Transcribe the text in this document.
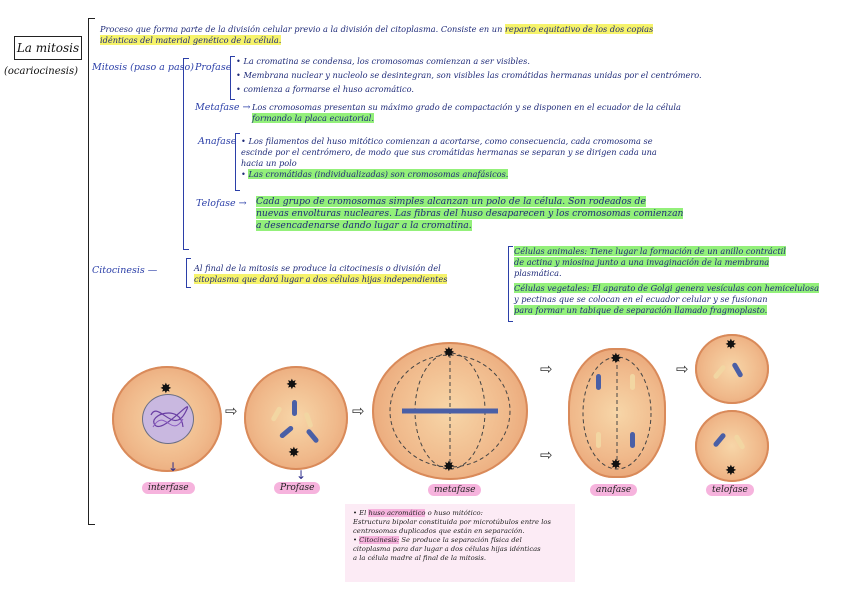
La mitosis
(ocariocinesis)
Proceso que forma parte de la división celular previo a la división del citoplasma. Consiste en un reparto equitativo de los dos copias
idénticas del material genético de la célula.
Mitosis (paso a paso) Profase
• La cromatina se condensa, los cromosomas comienzan a ser visibles.
• Membrana nuclear y nucleolo se desintegran, son visibles las cromátidas hermanas unidas por el centrómero.
• comienza a formarse el huso acromático.
Metafase → Los cromosomas presentan su máximo grado de compactación y se disponen en el ecuador de la célula
formando la placa ecuatorial.
Anafase • Los filamentos del huso mitótico comienzan a acortarse, como consecuencia, cada cromosoma se
escinde por el centrómero, de modo que sus cromátidas hermanas se separan y se dirigen cada una
hacia un polo
• Las cromátidas (individualizadas) son cromosomas anafásicos.
Telofase → Cada grupo de cromosomas simples alcanzan un polo de la célula. Son rodeados de
nuevas envolturas nucleares. Las fibras del huso desaparecen y los cromosomas comienzan
a desencadenarse dando lugar a la cromatina.
Citocinesis —	Al final de la mitosis se produce la citocinesis o división del
citoplasma que dará lugar a dos células hijas independientes
Células animales: Tiene lugar la formación de un anillo contráctil
de actina y miosina junto a una invaginación de la membrana
plasmática.
Células vegetales: El aparato de Golgi genera vesículas con hemicelulosa
y pectinas que se colocan en el ecuador celular y se fusionan
para formar un tabique de separación llamado fragmoplasto.
✸
⇨
✸
✸
⇨
✸
✸
⇨
⇨
✸
✸
⇨
✸
✸
↓
↓
interfase	Profase	metafase	anafase	telofase
• El huso acromático o huso mitótico:
Estructura bipolar constituida por microtúbulos entre los
centrosomas duplicados que están en separación.
• Citocinesis: Se produce la separación física del
citoplasma para dar lugar a dos células hijas idénticas
a la célula madre al final de la mitosis.
